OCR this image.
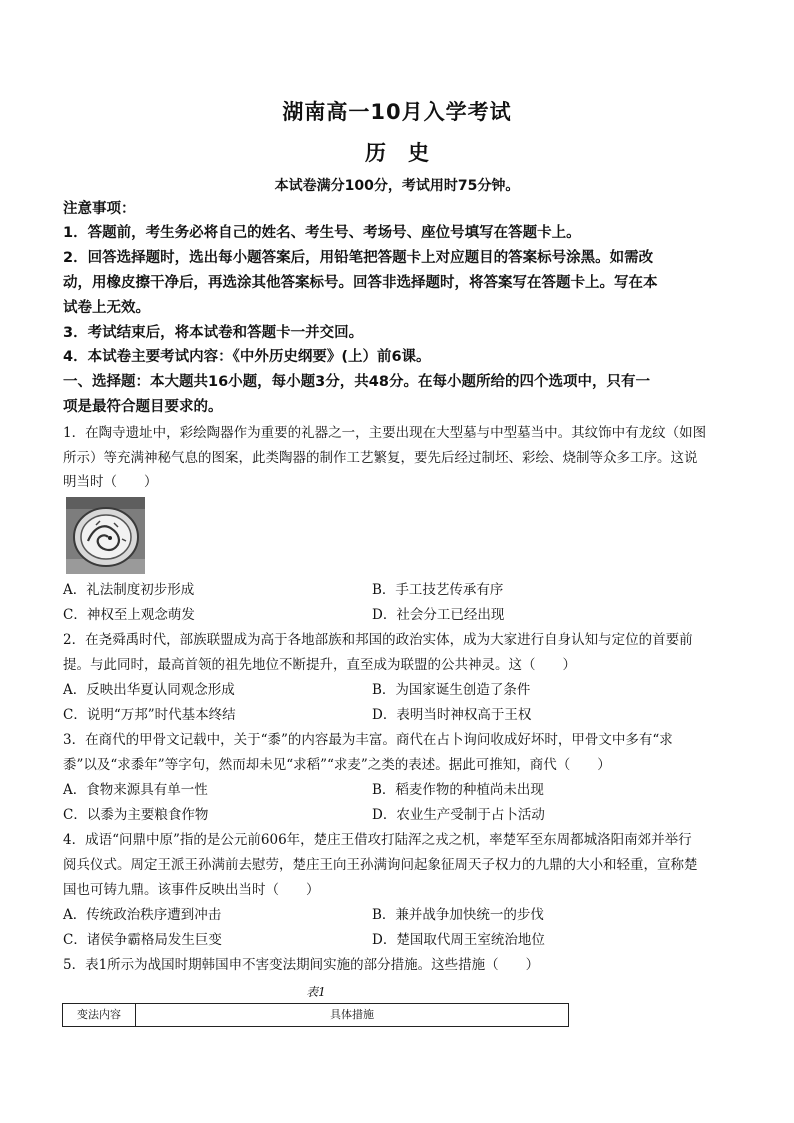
湖南高一10月入学考试
历史
本试卷满分100分，考试用时75分钟。
注意事项：
1．答题前，考生务必将自己的姓名、考生号、考场号、座位号填写在答题卡上。
2．回答选择题时，选出每小题答案后，用铅笔把答题卡上对应题目的答案标号涂黑。如需改
动，用橡皮擦干净后，再选涂其他答案标号。回答非选择题时，将答案写在答题卡上。写在本
试卷上无效。
3．考试结束后，将本试卷和答题卡一并交回。
4．本试卷主要考试内容：《中外历史纲要》(上）前6课。
一、选择题：本大题共16小题，每小题3分，共48分。在每小题所给的四个选项中，只有一
项是最符合题目要求的。
1．在陶寺遗址中，彩绘陶器作为重要的礼器之一，主要出现在大型墓与中型墓当中。其纹饰中有龙纹（如图
所示）等充满神秘气息的图案，此类陶器的制作工艺繁复，要先后经过制坯、彩绘、烧制等众多工序。这说
明当时（　　）
A．礼法制度初步形成	B．手工技艺传承有序
C．神权至上观念萌发	D．社会分工已经出现
2．在尧舜禹时代，部族联盟成为高于各地部族和邦国的政治实体，成为大家进行自身认知与定位的首要前
提。与此同时，最高首领的祖先地位不断提升，直至成为联盟的公共神灵。这（　　）
A．反映出华夏认同观念形成	B．为国家诞生创造了条件
C．说明“万邦”时代基本终结	D．表明当时神权高于王权
3．在商代的甲骨文记载中，关于“黍”的内容最为丰富。商代在占卜询问收成好坏时，甲骨文中多有“求
黍”以及“求黍年”等字句，然而却未见“求稻”“求麦”之类的表述。据此可推知，商代（　　）
A．食物来源具有单一性	B．稻麦作物的种植尚未出现
C．以黍为主要粮食作物	D．农业生产受制于占卜活动
4．成语“问鼎中原”指的是公元前606年，楚庄王借攻打陆浑之戎之机，率楚军至东周都城洛阳南郊并举行
阅兵仪式。周定王派王孙满前去慰劳，楚庄王向王孙满询问起象征周天子权力的九鼎的大小和轻重，宣称楚
国也可铸九鼎。该事件反映出当时（　　）
A．传统政治秩序遭到冲击	B．兼并战争加快统一的步伐
C．诸侯争霸格局发生巨变	D．楚国取代周王室统治地位
5．表1所示为战国时期韩国申不害变法期间实施的部分措施。这些措施（　　）
表1
变法内容	具体措施
